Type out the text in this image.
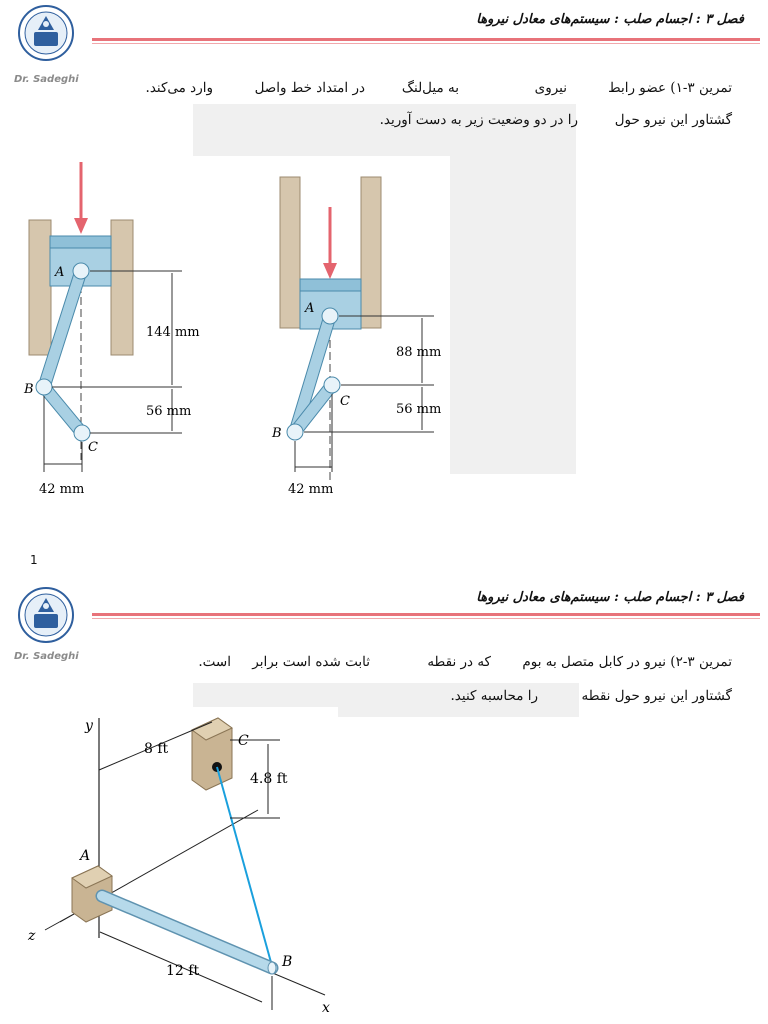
Dr. Sadeghi
فصل ۳ : اجسام صلب : سیستم‌های معادل نیروها
تمرین ۳-۱) عضو رابط
نیروی
به میل‌لنگ
در امتداد خط واصل
وارد می‌کند.
گشتاور این نیرو حول
را در دو وضعیت زیر به دست آورید.
A
B
C
144 mm
56 mm
42 mm
A
B
C
88 mm
56 mm
42 mm
1
Dr. Sadeghi
فصل ۳ : اجسام صلب : سیستم‌های معادل نیروها
تمرین ۳-۲) نیرو در کابل متصل به بوم
که در نقطه
ثابت شده است برابر
است.
گشتاور این نیرو حول نقطه
را محاسبه کنید.
y
z
x
A
B
C
8 ft
4.8 ft
12 ft
